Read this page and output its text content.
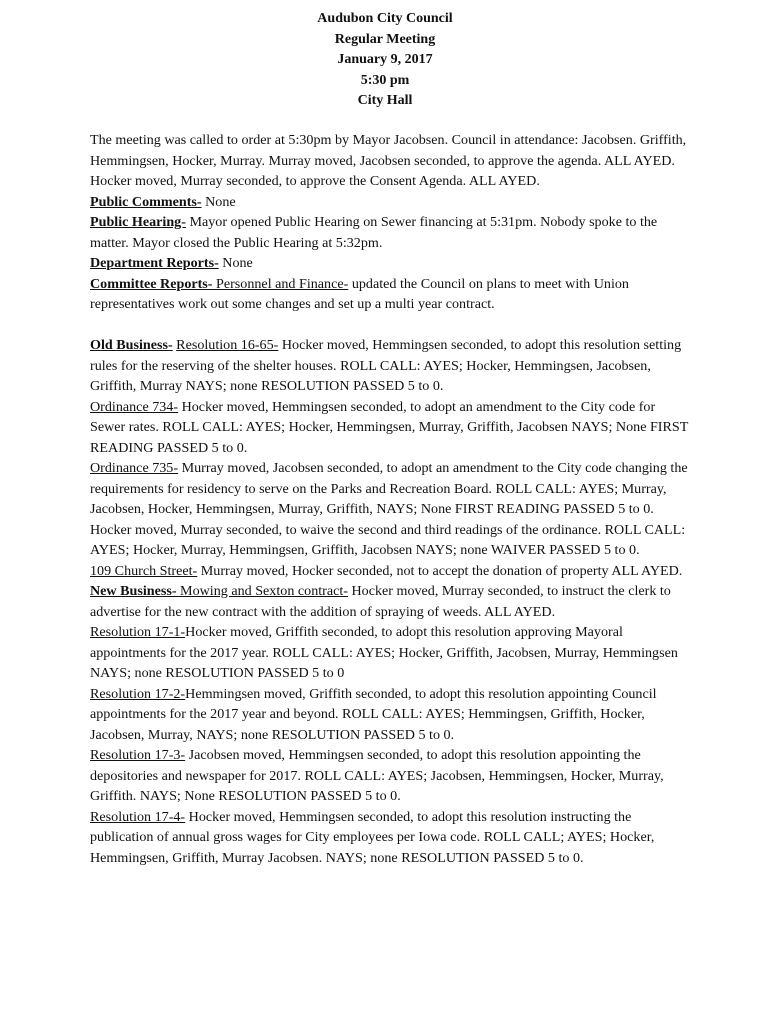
Audubon City Council
Regular Meeting
January 9, 2017
5:30 pm
City Hall

The meeting was called to order at 5:30pm by Mayor Jacobsen. Council in attendance: Jacobsen. Griffith, Hemmingsen, Hocker, Murray. Murray moved, Jacobsen seconded, to approve the agenda. ALL AYED. Hocker moved, Murray seconded, to approve the Consent Agenda. ALL AYED.

Public Comments- None

Public Hearing- Mayor opened Public Hearing on Sewer financing at 5:31pm. Nobody spoke to the matter. Mayor closed the Public Hearing at 5:32pm.

Department Reports- None

Committee Reports- Personnel and Finance- updated the Council on plans to meet with Union representatives work out some changes and set up a multi year contract.

Old Business- Resolution 16-65- Hocker moved, Hemmingsen seconded, to adopt this resolution setting rules for the reserving of the shelter houses. ROLL CALL: AYES; Hocker, Hemmingsen, Jacobsen, Griffith, Murray NAYS; none RESOLUTION PASSED 5 to 0.

Ordinance 734- Hocker moved, Hemmingsen seconded, to adopt an amendment to the City code for Sewer rates. ROLL CALL: AYES; Hocker, Hemmingsen, Murray, Griffith, Jacobsen NAYS; None FIRST READING PASSED 5 to 0.

Ordinance 735- Murray moved, Jacobsen seconded, to adopt an amendment to the City code changing the requirements for residency to serve on the Parks and Recreation Board. ROLL CALL: AYES; Murray, Jacobsen, Hocker, Hemmingsen, Murray, Griffith, NAYS; None FIRST READING PASSED 5 to 0. Hocker moved, Murray seconded, to waive the second and third readings of the ordinance. ROLL CALL: AYES; Hocker, Murray, Hemmingsen, Griffith, Jacobsen NAYS; none WAIVER PASSED 5 to 0.

109 Church Street- Murray moved, Hocker seconded, not to accept the donation of property ALL AYED.

New Business- Mowing and Sexton contract- Hocker moved, Murray seconded, to instruct the clerk to advertise for the new contract with the addition of spraying of weeds. ALL AYED.

Resolution 17-1-Hocker moved, Griffith seconded, to adopt this resolution approving Mayoral appointments for the 2017 year. ROLL CALL: AYES; Hocker, Griffith, Jacobsen, Murray, Hemmingsen NAYS; none RESOLUTION PASSED 5 to 0

Resolution 17-2-Hemmingsen moved, Griffith seconded, to adopt this resolution appointing Council appointments for the 2017 year and beyond. ROLL CALL: AYES; Hemmingsen, Griffith, Hocker, Jacobsen, Murray, NAYS; none RESOLUTION PASSED 5 to 0.

Resolution 17-3- Jacobsen moved, Hemmingsen seconded, to adopt this resolution appointing the depositories and newspaper for 2017. ROLL CALL: AYES; Jacobsen, Hemmingsen, Hocker, Murray, Griffith. NAYS; None RESOLUTION PASSED 5 to 0.

Resolution 17-4- Hocker moved, Hemmingsen seconded, to adopt this resolution instructing the publication of annual gross wages for City employees per Iowa code. ROLL CALL; AYES; Hocker, Hemmingsen, Griffith, Murray Jacobsen. NAYS; none RESOLUTION PASSED 5 to 0.
